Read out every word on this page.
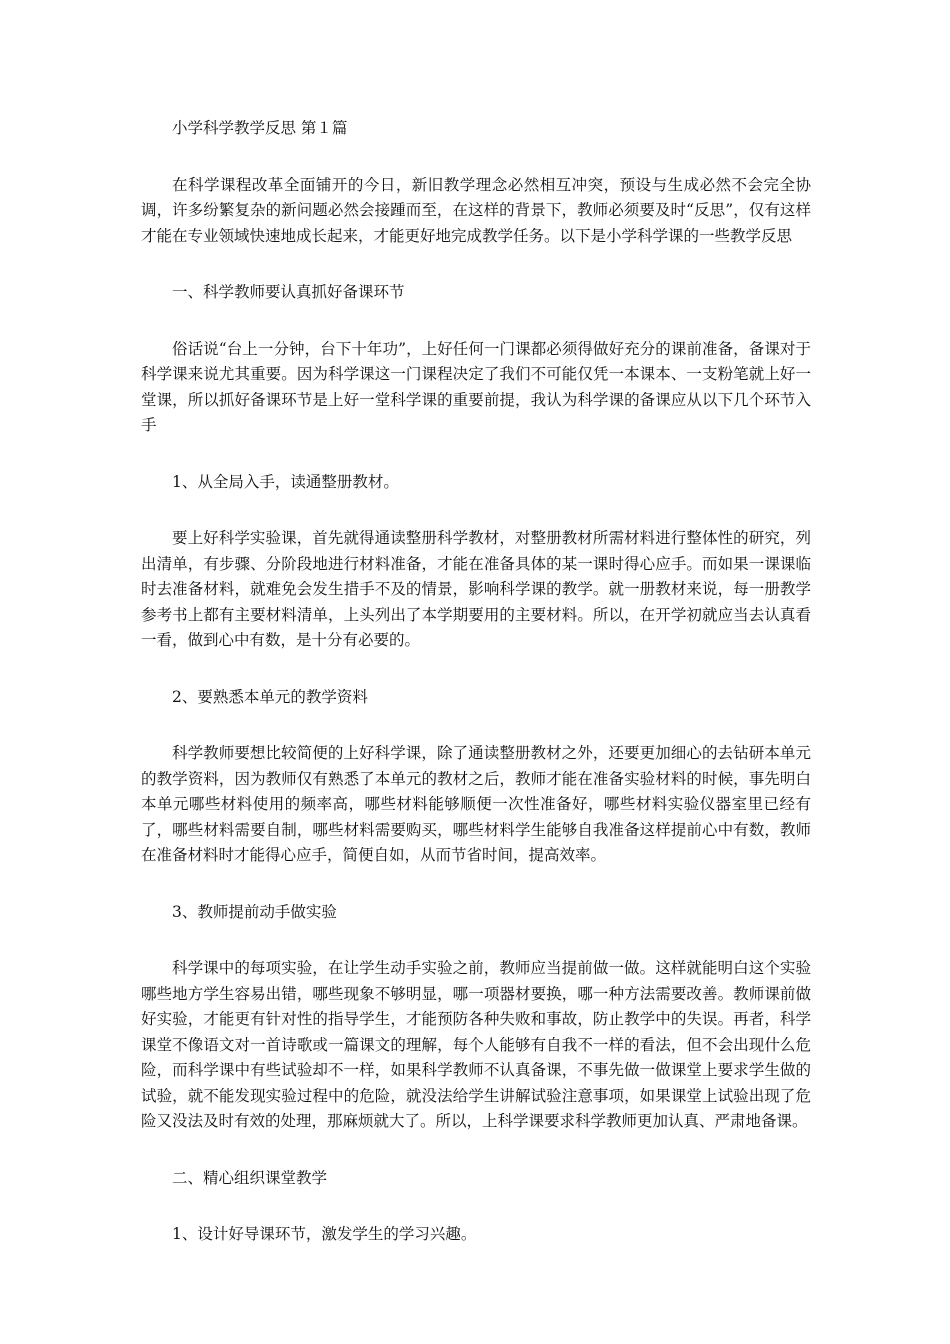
小学科学教学反思 第１篇

在科学课程改革全面铺开的今日，新旧教学理念必然相互冲突，预设与生成必然不会完全协调，许多纷繁复杂的新问题必然会接踵而至，在这样的背景下，教师必须要及时“反思”，仅有这样才能在专业领域快速地成长起来，才能更好地完成教学任务。以下是小学科学课的一些教学反思

一、科学教师要认真抓好备课环节

俗话说“台上一分钟，台下十年功”，上好任何一门课都必须得做好充分的课前准备，备课对于科学课来说尤其重要。因为科学课这一门课程决定了我们不可能仅凭一本课本、一支粉笔就上好一堂课，所以抓好备课环节是上好一堂科学课的重要前提，我认为科学课的备课应从以下几个环节入手

1、从全局入手，读通整册教材。

要上好科学实验课，首先就得通读整册科学教材，对整册教材所需材料进行整体性的研究，列出清单，有步骤、分阶段地进行材料准备，才能在准备具体的某一课时得心应手。而如果一课课临时去准备材料，就难免会发生措手不及的情景，影响科学课的教学。就一册教材来说，每一册教学参考书上都有主要材料清单，上头列出了本学期要用的主要材料。所以，在开学初就应当去认真看一看，做到心中有数，是十分有必要的。

2、要熟悉本单元的教学资料

科学教师要想比较简便的上好科学课，除了通读整册教材之外，还要更加细心的去钻研本单元的教学资料，因为教师仅有熟悉了本单元的教材之后，教师才能在准备实验材料的时候，事先明白本单元哪些材料使用的频率高，哪些材料能够顺便一次性准备好，哪些材料实验仪器室里已经有了，哪些材料需要自制，哪些材料需要购买，哪些材料学生能够自我准备这样提前心中有数，教师在准备材料时才能得心应手，简便自如，从而节省时间，提高效率。

3、教师提前动手做实验

科学课中的每项实验，在让学生动手实验之前，教师应当提前做一做。这样就能明白这个实验哪些地方学生容易出错，哪些现象不够明显，哪一项器材要换，哪一种方法需要改善。教师课前做好实验，才能更有针对性的指导学生，才能预防各种失败和事故，防止教学中的失误。再者，科学课堂不像语文对一首诗歌或一篇课文的理解，每个人能够有自我不一样的看法，但不会出现什么危险，而科学课中有些试验却不一样，如果科学教师不认真备课，不事先做一做课堂上要求学生做的试验，就不能发现实验过程中的危险，就没法给学生讲解试验注意事项，如果课堂上试验出现了危险又没法及时有效的处理，那麻烦就大了。所以，上科学课要求科学教师更加认真、严肃地备课。

二、精心组织课堂教学

1、设计好导课环节，激发学生的学习兴趣。
